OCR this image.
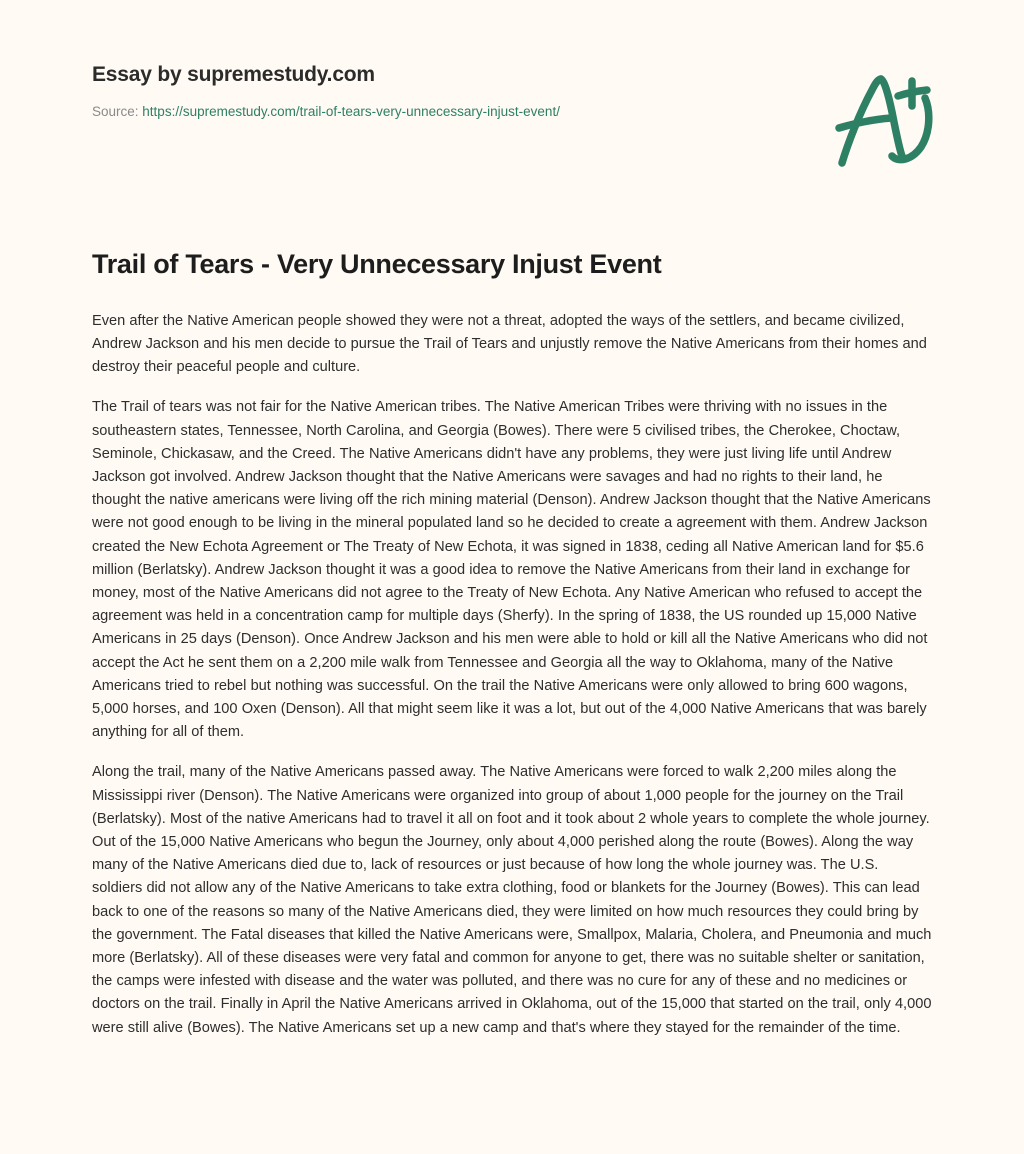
Essay by supremestudy.com
Source: https://supremestudy.com/trail-of-tears-very-unnecessary-injust-event/
Trail of Tears - Very Unnecessary Injust Event

Even after the Native American people showed they were not a threat, adopted the ways of the settlers, and became civilized, Andrew Jackson and his men decide to pursue the Trail of Tears and unjustly remove the Native Americans from their homes and destroy their peaceful people and culture.

The Trail of tears was not fair for the Native American tribes. The Native American Tribes were thriving with no issues in the southeastern states, Tennessee, North Carolina, and Georgia (Bowes). There were 5 civilised tribes, the Cherokee, Choctaw, Seminole, Chickasaw, and the Creed. The Native Americans didn't have any problems, they were just living life until Andrew Jackson got involved. Andrew Jackson thought that the Native Americans were savages and had no rights to their land, he thought the native americans were living off the rich mining material (Denson). Andrew Jackson thought that the Native Americans were not good enough to be living in the mineral populated land so he decided to create a agreement with them. Andrew Jackson created the New Echota Agreement or The Treaty of New Echota, it was signed in 1838, ceding all Native American land for $5.6 million (Berlatsky). Andrew Jackson thought it was a good idea to remove the Native Americans from their land in exchange for money, most of the Native Americans did not agree to the Treaty of New Echota. Any Native American who refused to accept the agreement was held in a concentration camp for multiple days (Sherfy). In the spring of 1838, the US rounded up 15,000 Native Americans in 25 days (Denson). Once Andrew Jackson and his men were able to hold or kill all the Native Americans who did not accept the Act he sent them on a 2,200 mile walk from Tennessee and Georgia all the way to Oklahoma, many of the Native Americans tried to rebel but nothing was successful. On the trail the Native Americans were only allowed to bring 600 wagons, 5,000 horses, and 100 Oxen (Denson). All that might seem like it was a lot, but out of the 4,000 Native Americans that was barely anything for all of them.

Along the trail, many of the Native Americans passed away. The Native Americans were forced to walk 2,200 miles along the Mississippi river (Denson). The Native Americans were organized into group of about 1,000 people for the journey on the Trail (Berlatsky). Most of the native Americans had to travel it all on foot and it took about 2 whole years to complete the whole journey. Out of the 15,000 Native Americans who begun the Journey, only about 4,000 perished along the route (Bowes). Along the way many of the Native Americans died due to, lack of resources or just because of how long the whole journey was. The U.S. soldiers did not allow any of the Native Americans to take extra clothing, food or blankets for the Journey (Bowes). This can lead back to one of the reasons so many of the Native Americans died, they were limited on how much resources they could bring by the government. The Fatal diseases that killed the Native Americans were, Smallpox, Malaria, Cholera, and Pneumonia and much more (Berlatsky). All of these diseases were very fatal and common for anyone to get, there was no suitable shelter or sanitation, the camps were infested with disease and the water was polluted, and there was no cure for any of these and no medicines or doctors on the trail. Finally in April the Native Americans arrived in Oklahoma, out of the 15,000 that started on the trail, only 4,000 were still alive (Bowes). The Native Americans set up a new camp and that's where they stayed for the remainder of the time.
